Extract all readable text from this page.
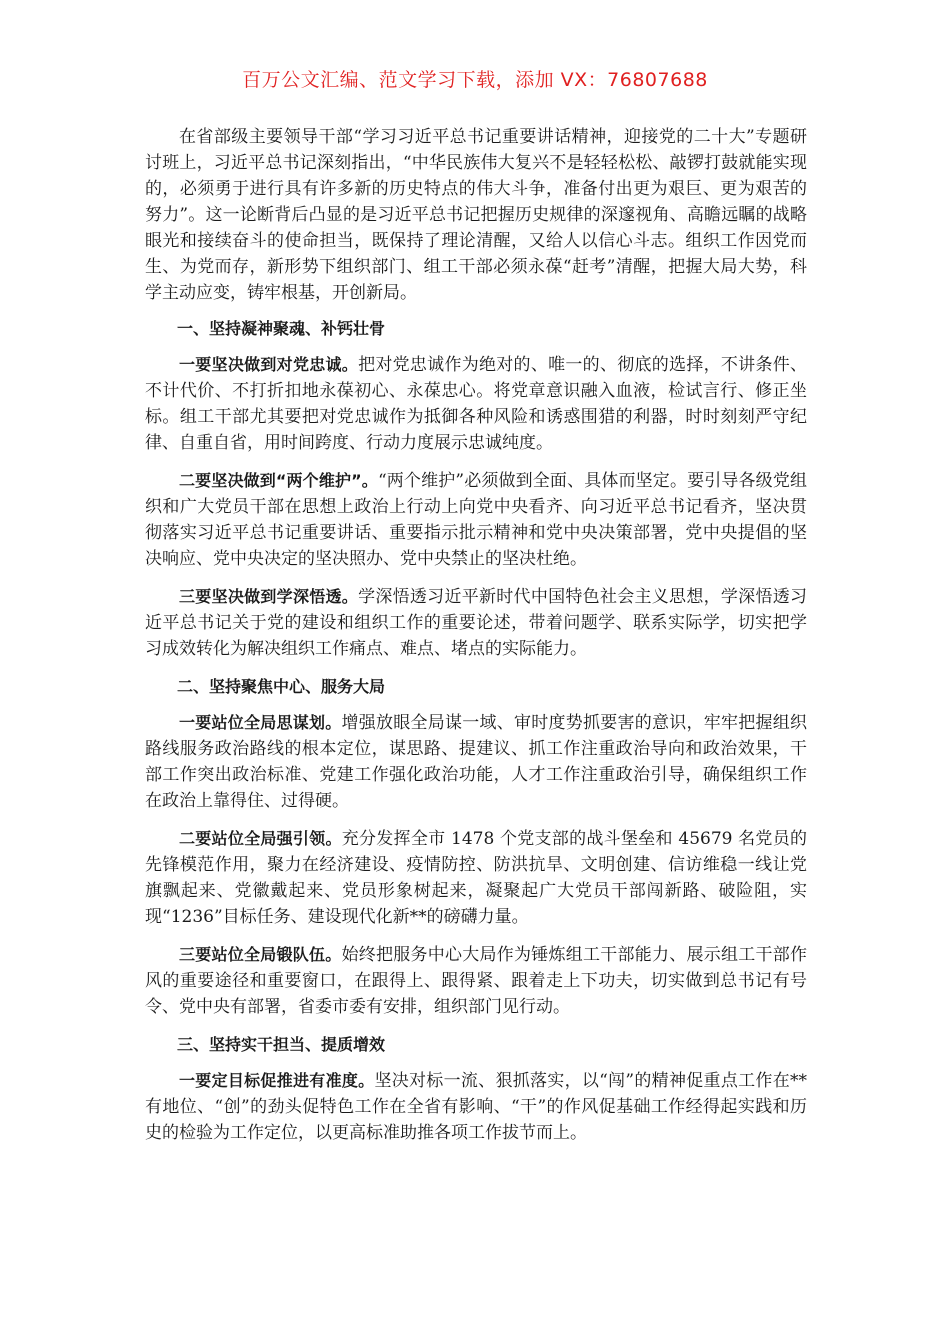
百万公文汇编、范文学习下载，添加 VX：76807688

在省部级主要领导干部“学习习近平总书记重要讲话精神，迎接党的二十大”专题研讨班上，习近平总书记深刻指出，“中华民族伟大复兴不是轻轻松松、敲锣打鼓就能实现的，必须勇于进行具有许多新的历史特点的伟大斗争，准备付出更为艰巨、更为艰苦的努力”。这一论断背后凸显的是习近平总书记把握历史规律的深邃视角、高瞻远瞩的战略眼光和接续奋斗的使命担当，既保持了理论清醒，又给人以信心斗志。组织工作因党而生、为党而存，新形势下组织部门、组工干部必须永葆“赶考”清醒，把握大局大势，科学主动应变，铸牢根基，开创新局。

一、坚持凝神聚魂、补钙壮骨

一要坚决做到对党忠诚。把对党忠诚作为绝对的、唯一的、彻底的选择，不讲条件、不计代价、不打折扣地永葆初心、永葆忠心。将党章意识融入血液，检试言行、修正坐标。组工干部尤其要把对党忠诚作为抵御各种风险和诱惑围猎的利器，时时刻刻严守纪律、自重自省，用时间跨度、行动力度展示忠诚纯度。

二要坚决做到“两个维护”。“两个维护”必须做到全面、具体而坚定。要引导各级党组织和广大党员干部在思想上政治上行动上向党中央看齐、向习近平总书记看齐，坚决贯彻落实习近平总书记重要讲话、重要指示批示精神和党中央决策部署，党中央提倡的坚决响应、党中央决定的坚决照办、党中央禁止的坚决杜绝。

三要坚决做到学深悟透。学深悟透习近平新时代中国特色社会主义思想，学深悟透习近平总书记关于党的建设和组织工作的重要论述，带着问题学、联系实际学，切实把学习成效转化为解决组织工作痛点、难点、堵点的实际能力。

二、坚持聚焦中心、服务大局

一要站位全局思谋划。增强放眼全局谋一域、审时度势抓要害的意识，牢牢把握组织路线服务政治路线的根本定位，谋思路、提建议、抓工作注重政治导向和政治效果，干部工作突出政治标准、党建工作强化政治功能，人才工作注重政治引导，确保组织工作在政治上靠得住、过得硬。

二要站位全局强引领。充分发挥全市 1478 个党支部的战斗堡垒和 45679 名党员的先锋模范作用，聚力在经济建设、疫情防控、防洪抗旱、文明创建、信访维稳一线让党旗飘起来、党徽戴起来、党员形象树起来，凝聚起广大党员干部闯新路、破险阻，实现“1236”目标任务、建设现代化新**的磅礴力量。

三要站位全局锻队伍。始终把服务中心大局作为锤炼组工干部能力、展示组工干部作风的重要途径和重要窗口，在跟得上、跟得紧、跟着走上下功夫，切实做到总书记有号令、党中央有部署，省委市委有安排，组织部门见行动。

三、坚持实干担当、提质增效

一要定目标促推进有准度。坚决对标一流、狠抓落实，以“闯”的精神促重点工作在**有地位、“创”的劲头促特色工作在全省有影响、“干”的作风促基础工作经得起实践和历史的检验为工作定位，以更高标准助推各项工作拔节而上。
